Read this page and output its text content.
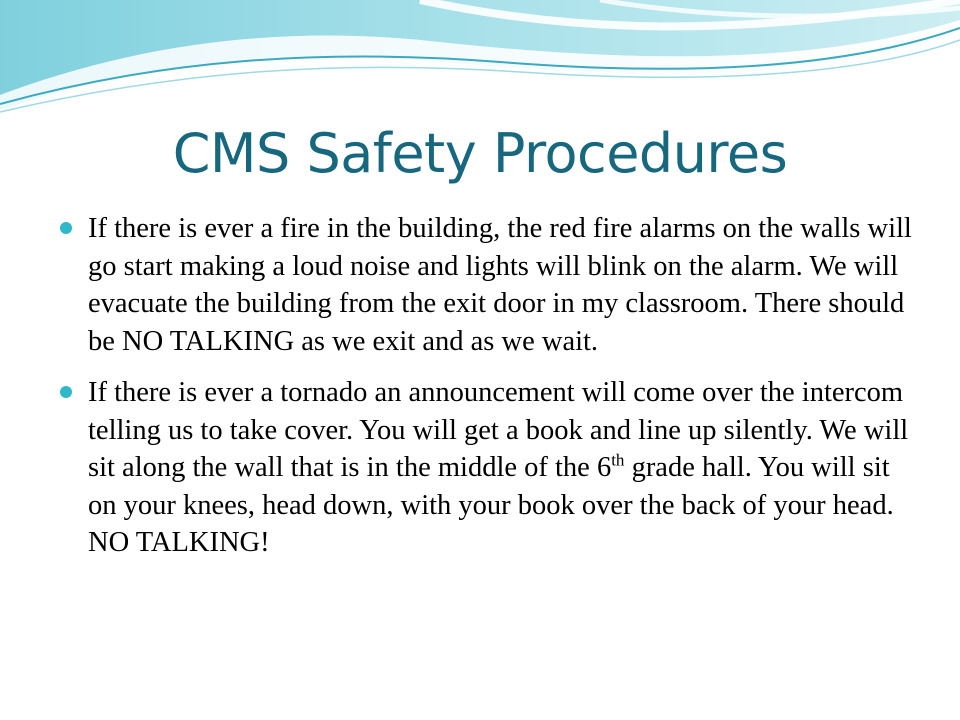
CMS Safety Procedures
If there is ever a fire in the building, the red fire alarms on the walls will go start making a loud noise and lights will blink on the alarm. We will evacuate the building from the exit door in my classroom. There should be NO TALKING as we exit and as we wait.
If there is ever a tornado an announcement will come over the intercom telling us to take cover. You will get a book and line up silently. We will sit along the wall that is in the middle of the 6th grade hall. You will sit on your knees, head down, with your book over the back of your head. NO TALKING!
